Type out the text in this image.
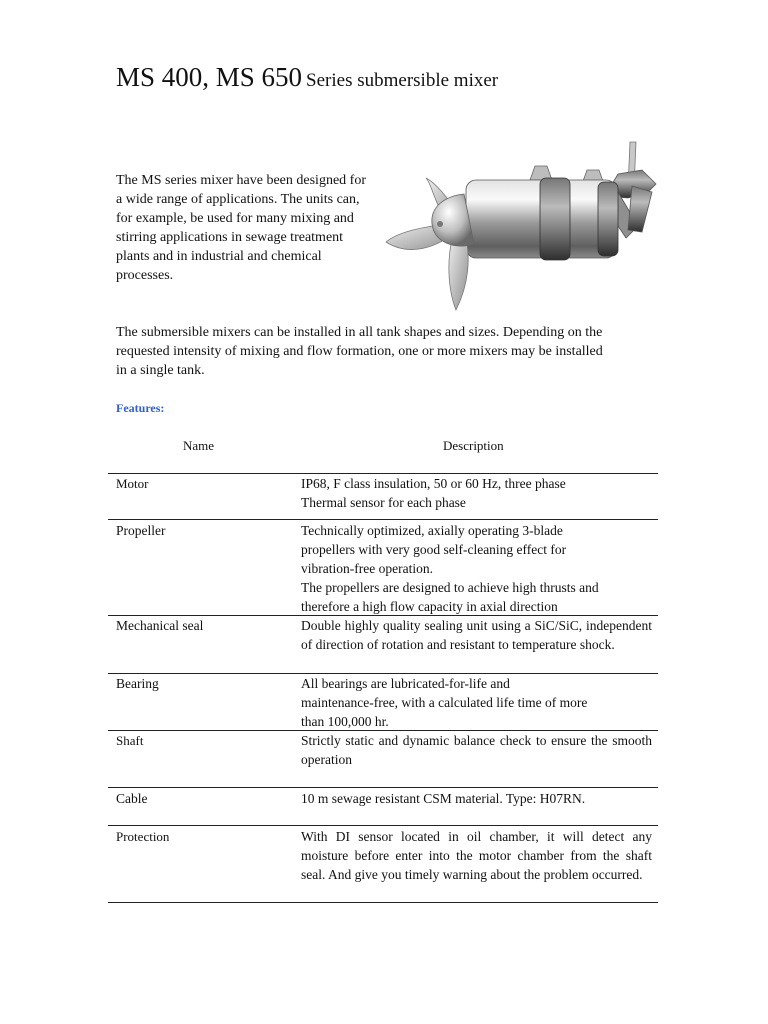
MS 400, MS 650 Series submersible mixer
The MS series mixer have been designed for a wide range of applications. The units can, for example, be used for many mixing and stirring applications in sewage treatment plants and in industrial and chemical processes.
The submersible mixers can be installed in all tank shapes and sizes. Depending on the requested intensity of mixing and flow formation, one or more mixers may be installed in a single tank.
Features:
Name	Description
Motor	IP68, F class insulation, 50 or 60 Hz, three phase
Thermal sensor for each phase
Propeller	Technically optimized, axially operating 3-blade
propellers with very good self-cleaning effect for
vibration-free operation.
The propellers are designed to achieve high thrusts and
therefore a high flow capacity in axial direction
Mechanical seal	Double highly quality sealing unit using a SiC/SiC, independent of direction of rotation and resistant to temperature shock.
Bearing	All bearings are lubricated-for-life and
maintenance-free, with a calculated life time of more
than 100,000 hr.
Shaft	Strictly static and dynamic balance check to ensure the smooth operation
Cable	10 m sewage resistant CSM material. Type: H07RN.
Protection	With DI sensor located in oil chamber, it will detect any moisture before enter into the motor chamber from the shaft seal. And give you timely warning about the problem occurred.
